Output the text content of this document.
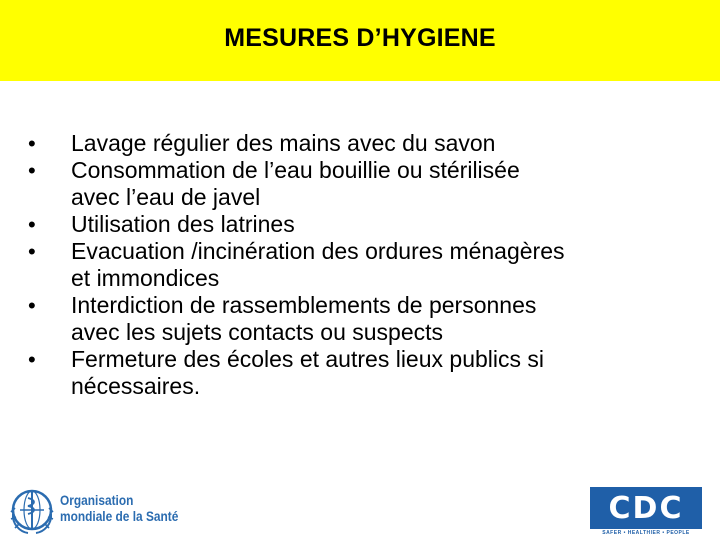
MESURES D’HYGIENE
• Lavage régulier des mains avec du savon
• Consommation de l’eau bouillie ou stérilisée
avec l’eau de javel
• Utilisation des latrines
• Evacuation /incinération des ordures ménagères
et immondices
• Interdiction de rassemblements de personnes
avec les sujets contacts ou suspects
• Fermeture des écoles et autres lieux publics si
nécessaires.
Organisation
mondiale de la Santé	CDC
SAFER • HEALTHIER • PEOPLE
